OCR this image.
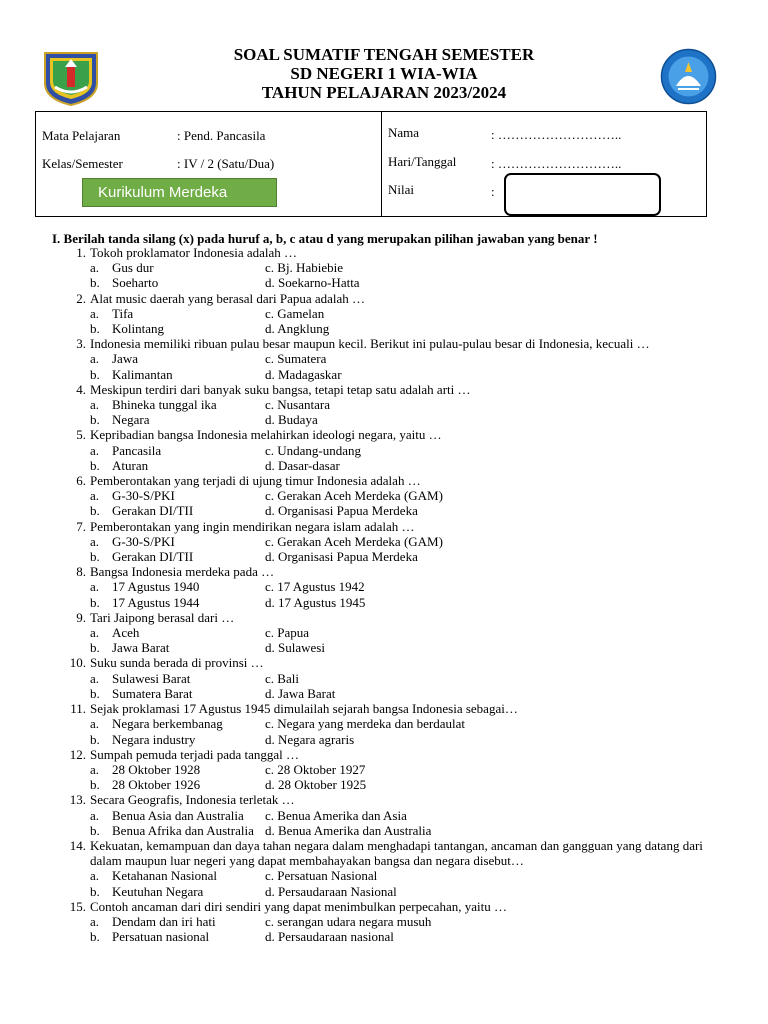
SOAL SUMATIF TENGAH SEMESTER
SD NEGERI 1 WIA-WIA
TAHUN PELAJARAN 2023/2024
Mata Pelajaran	: Pend. Pancasila
Kelas/Semester	: IV / 2 (Satu/Dua)
Kurikulum Merdeka
Nama	: ………………………..
Hari/Tanggal	: ………………………..
Nilai	:
I. Berilah tanda silang (x) pada huruf a, b, c atau d yang merupakan pilihan jawaban yang benar !
1. Tokoh proklamator Indonesia adalah …
a. Gus dur	c. Bj. Habiebie
b. Soeharto	d. Soekarno-Hatta
2. Alat music daerah yang berasal dari Papua adalah …
a. Tifa	c. Gamelan
b. Kolintang	d. Angklung
3. Indonesia memiliki ribuan pulau besar maupun kecil. Berikut ini pulau-pulau besar di Indonesia, kecuali …
a. Jawa	c. Sumatera
b. Kalimantan	d. Madagaskar
4. Meskipun terdiri dari banyak suku bangsa, tetapi tetap satu adalah arti …
a. Bhineka tunggal ika	c. Nusantara
b. Negara	d. Budaya
5. Kepribadian bangsa Indonesia melahirkan ideologi negara, yaitu …
a. Pancasila	c. Undang-undang
b. Aturan	d. Dasar-dasar
6. Pemberontakan yang terjadi di ujung timur Indonesia adalah …
a. G-30-S/PKI	c. Gerakan Aceh Merdeka (GAM)
b. Gerakan DI/TII	d. Organisasi Papua Merdeka
7. Pemberontakan yang ingin mendirikan negara islam adalah …
a. G-30-S/PKI	c. Gerakan Aceh Merdeka (GAM)
b. Gerakan DI/TII	d. Organisasi Papua Merdeka
8. Bangsa Indonesia merdeka pada …
a. 17 Agustus 1940	c. 17 Agustus 1942
b. 17 Agustus 1944	d. 17 Agustus 1945
9. Tari Jaipong berasal dari …
a. Aceh	c. Papua
b. Jawa Barat	d. Sulawesi
10. Suku sunda berada di provinsi …
a. Sulawesi Barat	c. Bali
b. Sumatera Barat	d. Jawa Barat
11. Sejak proklamasi 17 Agustus 1945 dimulailah sejarah bangsa Indonesia sebagai…
a. Negara berkembanag	c. Negara yang merdeka dan berdaulat
b. Negara industry	d. Negara agraris
12. Sumpah pemuda terjadi pada tanggal …
a. 28 Oktober 1928	c. 28 Oktober 1927
b. 28 Oktober 1926	d. 28 Oktober 1925
13. Secara Geografis, Indonesia terletak …
a. Benua Asia dan Australia c. Benua Amerika dan Asia
b. Benua Afrika dan Australia d. Benua Amerika dan Australia
14. Kekuatan, kemampuan dan daya tahan negara dalam menghadapi tantangan, ancaman dan gangguan yang datang dari dalam maupun luar negeri yang dapat membahayakan bangsa dan negara disebut…
a. Ketahanan Nasional	c. Persatuan Nasional
b. Keutuhan Negara	d. Persaudaraan Nasional
15. Contoh ancaman dari diri sendiri yang dapat menimbulkan perpecahan, yaitu …
a. Dendam dan iri hati	c. serangan udara negara musuh
b. Persatuan nasional	d. Persaudaraan nasional
